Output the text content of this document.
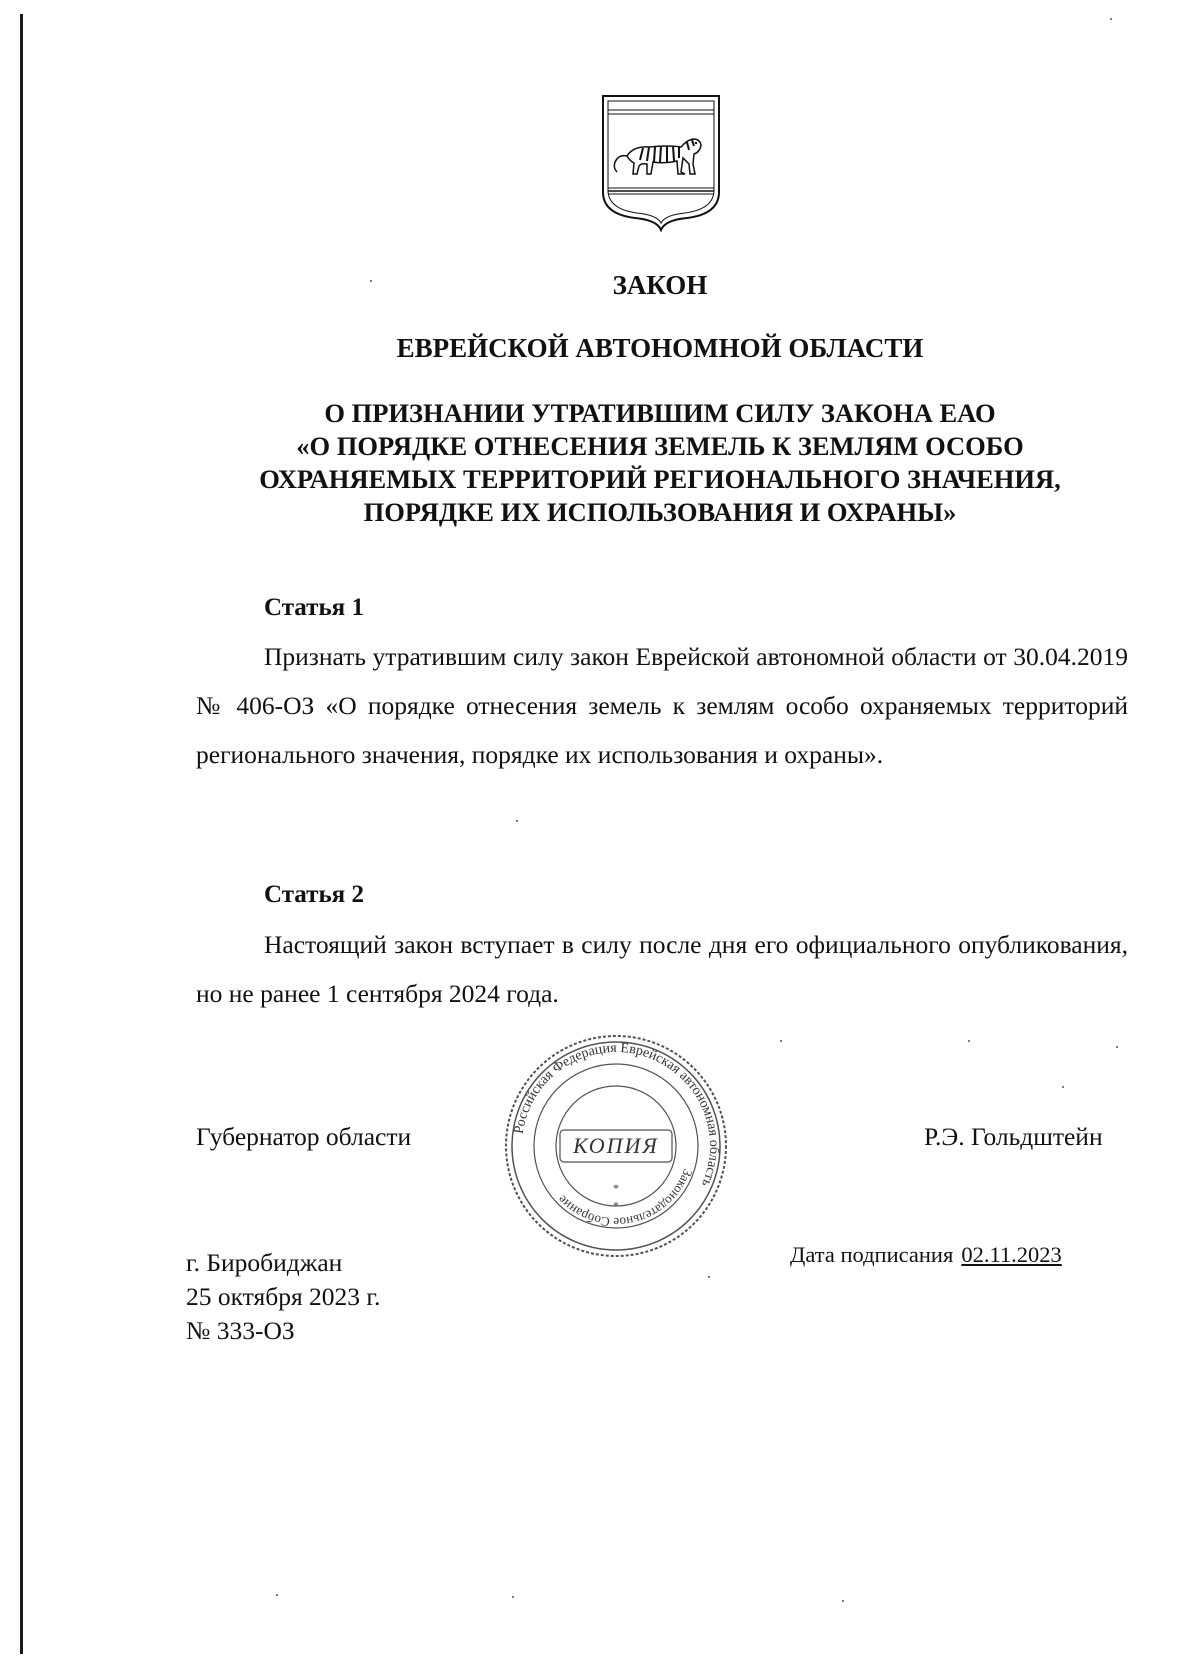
ЗАКОН
ЕВРЕЙСКОЙ АВТОНОМНОЙ ОБЛАСТИ
О ПРИЗНАНИИ УТРАТИВШИМ СИЛУ ЗАКОНА ЕАО
«О ПОРЯДКЕ ОТНЕСЕНИЯ ЗЕМЕЛЬ К ЗЕМЛЯМ ОСОБО
ОХРАНЯЕМЫХ ТЕРРИТОРИЙ РЕГИОНАЛЬНОГО ЗНАЧЕНИЯ,
ПОРЯДКЕ ИХ ИСПОЛЬЗОВАНИЯ И ОХРАНЫ»
Статья 1
Признать утратившим силу закон Еврейской автономной области от 30.04.2019 № 406-ОЗ «О порядке отнесения земель к землям особо охраняемых территорий регионального значения, порядке их использования и охраны».
Статья 2
Настоящий закон вступает в силу после дня его официального опубликования, но не ранее 1 сентября 2024 года.
Губернатор области	Р.Э. Гольдштейн
Российская Федерация Еврейская автономная область
Законодательное Собрание
КОПИЯ
*
*
г. Биробиджан
25 октября 2023 г.
№ 333-ОЗ
Дата подписания 02.11.2023
